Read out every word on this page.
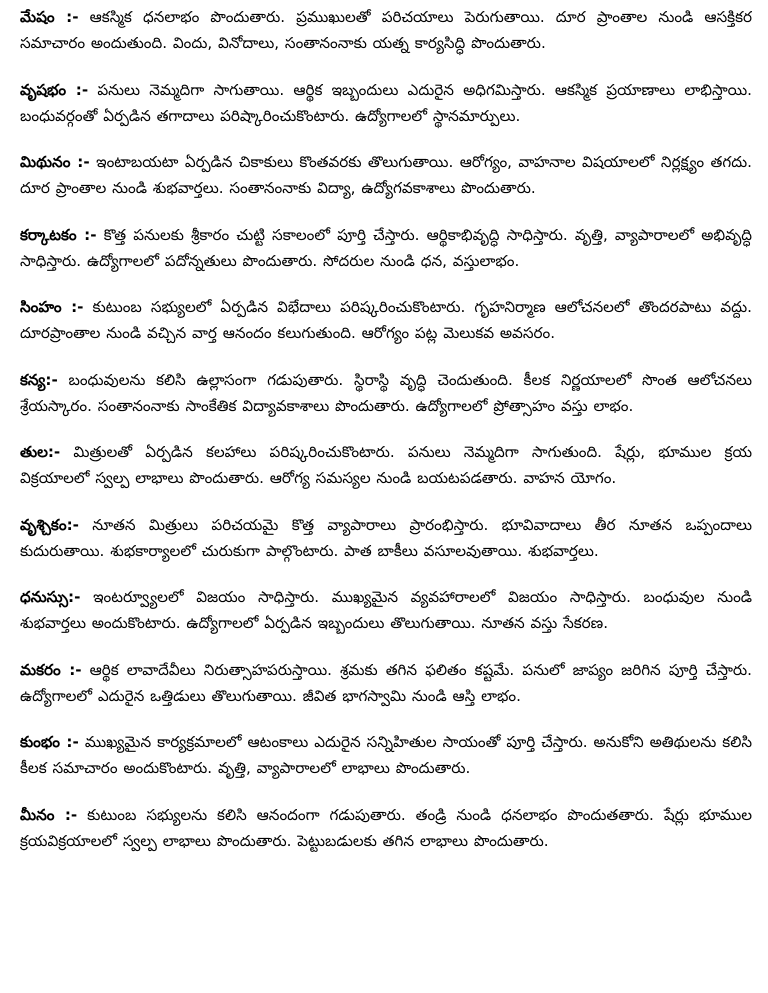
మేషం :- ఆకస్మిక ధనలాభం పొందుతారు. ప్రముఖులతో పరిచయాలు పెరుగుతాయి. దూర ప్రాంతాల నుండి ఆసక్తికర సమాచారం అందుతుంది. విందు, వినోదాలు, సంతానంనాకు యత్న కార్యసిద్ధి పొందుతారు.

వృషభం :- పనులు నెమ్మదిగా సాగుతాయి. ఆర్థిక ఇబ్బందులు ఎదురైన అధిగమిస్తారు. ఆకస్మిక ప్రయాణాలు లాభిస్తాయి. బంధువర్గంతో ఏర్పడిన తగాదాలు పరిష్కారించుకొంటారు. ఉద్యోగాలలో స్థానమార్పులు.

మిథునం :- ఇంటాబయటా ఏర్పడిన చికాకులు కొంతవరకు తొలుగుతాయి. ఆరోగ్యం, వాహనాల విషయాలలో నిర్లక్ష్యం తగదు. దూర ప్రాంతాల నుండి శుభవార్తలు. సంతానంనాకు విద్యా, ఉద్యోగవకాశాలు పొందుతారు.

కర్కాటకం :- కొత్త పనులకు శ్రీకారం చుట్టి సకాలంలో పూర్తి చేస్తారు. ఆర్థికాభివృద్ధి సాధిస్తారు. వృత్తి, వ్యాపారాలలో అభివృద్ధి సాధిస్తారు. ఉద్యోగాలలో పదోన్నతులు పొందుతారు. సోదరుల నుండి ధన, వస్తులాభం.

సింహం :- కుటుంబ సభ్యులలో ఏర్పడిన విభేదాలు పరిష్కరించుకొంటారు. గృహనిర్మాణ ఆలోచనలలో తొందరపాటు వద్దు. దూరప్రాంతాల నుండి వచ్చిన వార్త ఆనందం కలుగుతుంది. ఆరోగ్యం పట్ల మెలుకవ అవసరం.

కన్య:- బంధువులను కలిసి ఉల్లాసంగా గడుపుతారు. స్థిరాస్థి వృద్ధి చెందుతుంది. కీలక నిర్ణయాలలో సొంత ఆలోచనలు శ్రేయస్కారం. సంతానంనాకు సాంకేతిక విద్యావకాశాలు పొందుతారు. ఉద్యోగాలలో ప్రోత్సాహం వస్తు లాభం.

తుల:- మిత్రులతో ఏర్పడిన కలహాలు పరిష్కరించుకొంటారు. పనులు నెమ్మదిగా సాగుతుంది. షేర్లు, భూముల క్రయ విక్రయాలలో స్వల్ప లాభాలు పొందుతారు. ఆరోగ్య సమస్యల నుండి బయటపడతారు. వాహన యోగం.

వృశ్చికం:- నూతన మిత్రులు పరిచయమై కొత్త వ్యాపారాలు ప్రారంభిస్తారు. భూవివాదాలు తీర నూతన ఒప్పందాలు కుదురుతాయి. శుభకార్యాలలో చురుకుగా పాల్గొంటారు. పాత బాకీలు వసూలవుతాయి. శుభవార్తలు.

ధనుస్సు:- ఇంటర్వ్యూలలో విజయం సాధిస్తారు. ముఖ్యమైన వ్యవహారాలలో విజయం సాధిస్తారు. బంధువుల నుండి శుభవార్తలు అందుకొంటారు. ఉద్యోగాలలో ఏర్పడిన ఇబ్బందులు తొలుగుతాయి. నూతన వస్తు సేకరణ.

మకరం :- ఆర్థిక లావాదేవీలు నిరుత్సాహపరుస్తాయి. శ్రమకు తగిన ఫలితం కష్టమే. పనులో జాప్యం జరిగిన పూర్తి చేస్తారు. ఉద్యోగాలలో ఎదురైన ఒత్తిడులు తొలుగుతాయి. జీవిత భాగస్వామి నుండి ఆస్తి లాభం.

కుంభం :- ముఖ్యమైన కార్యక్రమాలలో ఆటంకాలు ఎదురైన సన్నిహితుల సాయంతో పూర్తి చేస్తారు. అనుకోని అతిథులను కలిసి కీలక సమాచారం అందుకొంటారు. వృత్తి, వ్యాపారాలలో లాభాలు పొందుతారు.

మీనం :- కుటుంబ సభ్యులను కలిసి ఆనందంగా గడుపుతారు. తండ్రి నుండి ధనలాభం పొందుతతారు. షేర్లు భూముల క్రయవిక్రయాలలో స్వల్ప లాభాలు పొందుతారు. పెట్టుబడులకు తగిన లాభాలు పొందుతారు.
